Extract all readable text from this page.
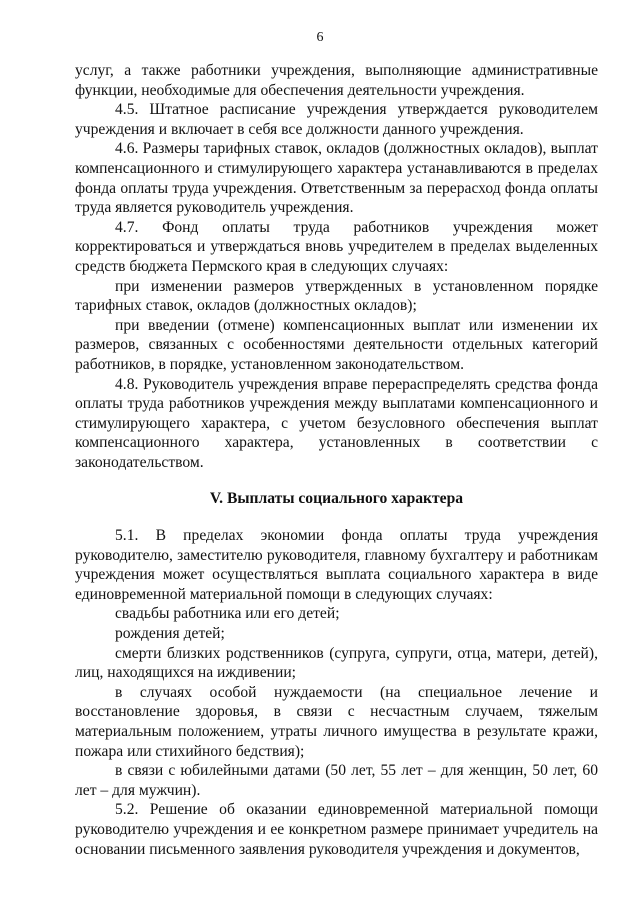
6

услуг, а также работники учреждения, выполняющие административные функции, необходимые для обеспечения деятельности учреждения.

4.5. Штатное расписание учреждения утверждается руководителем учреждения и включает в себя все должности данного учреждения.

4.6. Размеры тарифных ставок, окладов (должностных окладов), выплат компенсационного и стимулирующего характера устанавливаются в пределах фонда оплаты труда учреждения. Ответственным за перерасход фонда оплаты труда является руководитель учреждения.

4.7. Фонд оплаты труда работников учреждения может корректироваться и утверждаться вновь учредителем в пределах выделенных средств бюджета Пермского края в следующих случаях:

при изменении размеров утвержденных в установленном порядке тарифных ставок, окладов (должностных окладов);

при введении (отмене) компенсационных выплат или изменении их размеров, связанных с особенностями деятельности отдельных категорий работников, в порядке, установленном законодательством.

4.8. Руководитель учреждения вправе перераспределять средства фонда оплаты труда работников учреждения между выплатами компенсационного и стимулирующего характера, с учетом безусловного обеспечения выплат компенсационного характера, установленных в соответствии с законодательством.

V. Выплаты социального характера

5.1. В пределах экономии фонда оплаты труда учреждения руководителю, заместителю руководителя, главному бухгалтеру и работникам учреждения может осуществляться выплата социального характера в виде единовременной материальной помощи в следующих случаях:

свадьбы работника или его детей;

рождения детей;

смерти близких родственников (супруга, супруги, отца, матери, детей), лиц, находящихся на иждивении;

в случаях особой нуждаемости (на специальное лечение и восстановление здоровья, в связи с несчастным случаем, тяжелым материальным положением, утраты личного имущества в результате кражи, пожара или стихийного бедствия);

в связи с юбилейными датами (50 лет, 55 лет – для женщин, 50 лет, 60 лет – для мужчин).

5.2. Решение об оказании единовременной материальной помощи руководителю учреждения и ее конкретном размере принимает учредитель на основании письменного заявления руководителя учреждения и документов,
